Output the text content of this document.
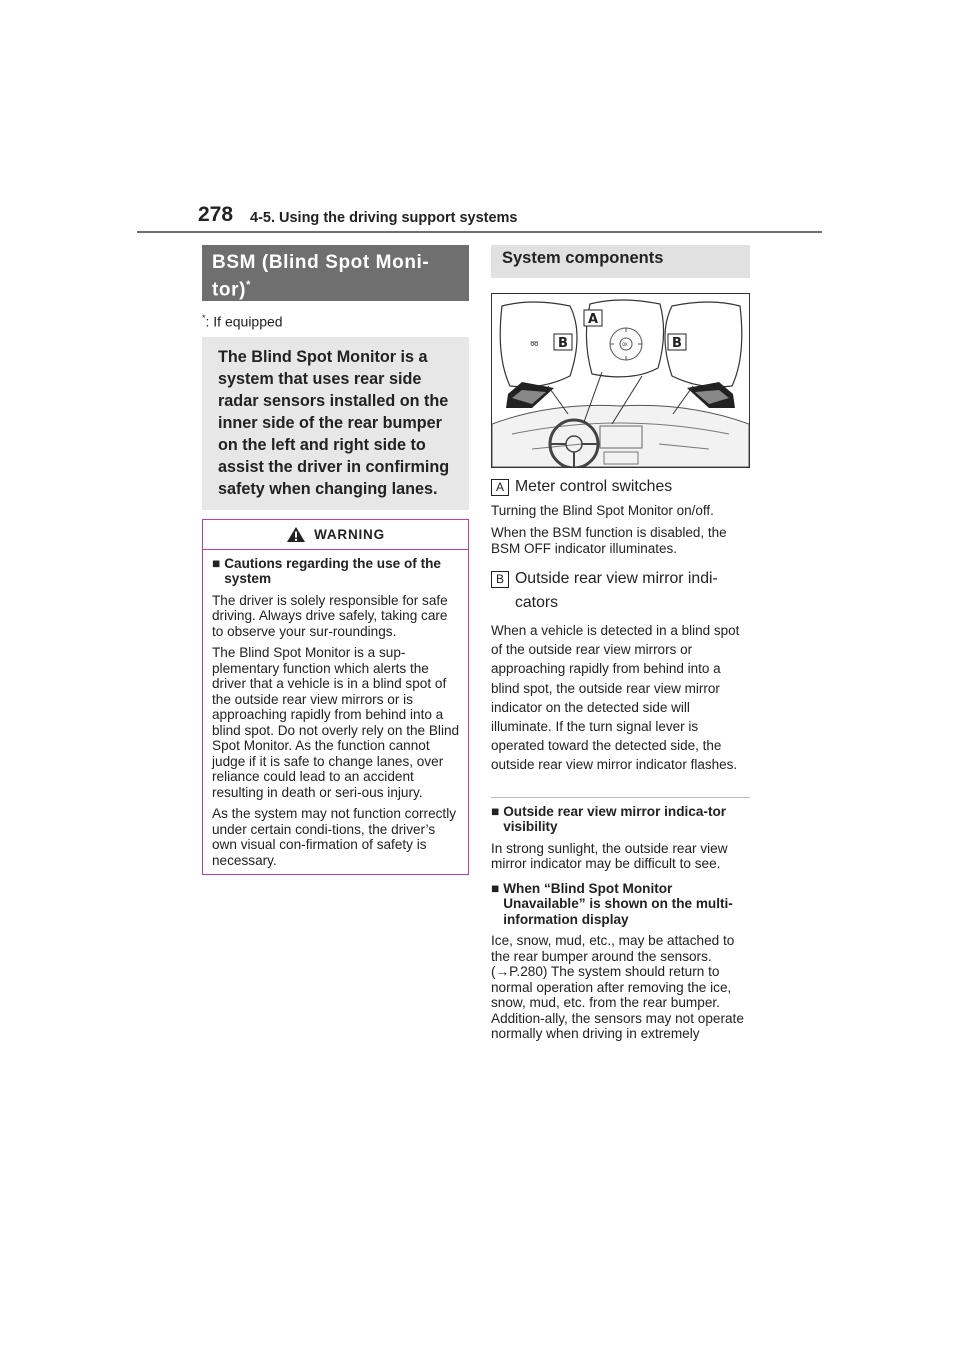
278 4-5. Using the driving support systems
BSM (Blind Spot Moni-
tor)*
*: If equipped
The Blind Spot Monitor is a system that uses rear side radar sensors installed on the inner side of the rear bumper on the left and right side to assist the driver in confirming safety when changing lanes.
WARNING
■ Cautions regarding the use of the system

The driver is solely responsible for safe driving. Always drive safely, taking care to observe your sur-roundings.

The Blind Spot Monitor is a sup-plementary function which alerts the driver that a vehicle is in a blind spot of the outside rear view mirrors or is approaching rapidly from behind into a blind spot. Do not overly rely on the Blind Spot Monitor. As the function cannot judge if it is safe to change lanes, over reliance could lead to an accident resulting in death or seri-ous injury.

As the system may not function correctly under certain condi-tions, the driver’s own visual con-firmation of safety is necessary.

System components
➿	OK
A
B	B
A Meter control switches

Turning the Blind Spot Monitor on/off.

When the BSM function is disabled, the BSM OFF indicator illuminates.

B Outside rear view mirror indi-cators

When a vehicle is detected in a blind spot of the outside rear view mirrors or approaching rapidly from behind into a blind spot, the outside rear view mirror indicator on the detected side will illuminate. If the turn signal lever is operated toward the detected side, the outside rear view mirror indicator flashes.

■ Outside rear view mirror indica-tor visibility

In strong sunlight, the outside rear view mirror indicator may be difficult to see.

■ When “Blind Spot Monitor Unavailable” is shown on the multi-information display

Ice, snow, mud, etc., may be attached to the rear bumper around the sensors. (→P.280) The system should return to normal operation after removing the ice, snow, mud, etc. from the rear bumper. Addition-ally, the sensors may not operate normally when driving in extremely
